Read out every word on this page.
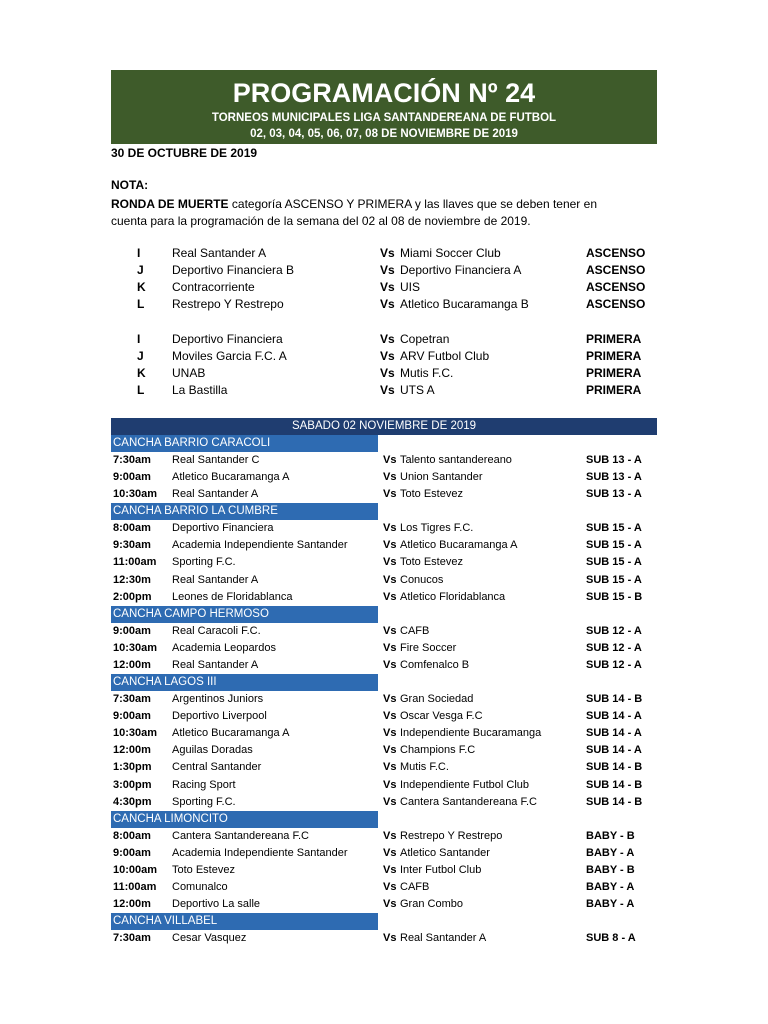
PROGRAMACIÓN Nº 24
TORNEOS MUNICIPALES LIGA SANTANDEREANA DE FUTBOL
02, 03, 04, 05, 06, 07, 08 DE NOVIEMBRE DE 2019
30 DE OCTUBRE DE 2019
NOTA:
RONDA DE MUERTE categoría ASCENSO Y PRIMERA y las llaves que se deben tener en cuenta para la programación de la semana del 02 al 08 de noviembre de 2019.
I	Real Santander A	Vs Miami Soccer Club	ASCENSO
J Deportivo Financiera B	Vs Deportivo Financiera A	ASCENSO
K Contracorriente	Vs UIS	ASCENSO
L Restrepo Y Restrepo	Vs Atletico Bucaramanga B	ASCENSO
I	Deportivo Financiera	Vs Copetran	PRIMERA
J Moviles Garcia F.C. A	Vs ARV Futbol Club	PRIMERA
K UNAB	Vs Mutis F.C.	PRIMERA
L La Bastilla	Vs UTS A	PRIMERA
SABADO 02 NOVIEMBRE DE 2019
CANCHA BARRIO CARACOLI
7:30am Real Santander C	Vs Talento santandereano	SUB 13 - A
9:00am Atletico Bucaramanga A	Vs Union Santander	SUB 13 - A
10:30am Real Santander A	Vs Toto Estevez	SUB 13 - A
CANCHA BARRIO LA CUMBRE
8:00am Deportivo Financiera	Vs Los Tigres F.C.	SUB 15 - A
9:30am Academia Independiente Santander	Vs Atletico Bucaramanga A	SUB 15 - A
11:00am Sporting F.C.	Vs Toto Estevez	SUB 15 - A
12:30m Real Santander A	Vs Conucos	SUB 15 - A
2:00pm Leones de Floridablanca	Vs Atletico Floridablanca	SUB 15 - B
CANCHA CAMPO HERMOSO
9:00am Real Caracoli F.C.	Vs CAFB	SUB 12 - A
10:30am Academia Leopardos	Vs Fire Soccer	SUB 12 - A
12:00m Real Santander A	Vs Comfenalco B	SUB 12 - A
CANCHA LAGOS III
7:30am Argentinos Juniors	Vs Gran Sociedad	SUB 14 - B
9:00am Deportivo Liverpool	Vs Oscar Vesga F.C	SUB 14 - A
10:30am Atletico Bucaramanga A	Vs Independiente Bucaramanga	SUB 14 - A
12:00m Aguilas Doradas	Vs Champions F.C	SUB 14 - A
1:30pm Central Santander	Vs Mutis F.C.	SUB 14 - B
3:00pm Racing Sport	Vs Independiente Futbol Club	SUB 14 - B
4:30pm Sporting F.C.	Vs Cantera Santandereana F.C	SUB 14 - B
CANCHA LIMONCITO
8:00am Cantera Santandereana F.C	Vs Restrepo Y Restrepo	BABY - B
9:00am Academia Independiente Santander	Vs Atletico Santander	BABY - A
10:00am Toto Estevez	Vs Inter Futbol Club	BABY - B
11:00am Comunalco	Vs CAFB	BABY - A
12:00m Deportivo La salle	Vs Gran Combo	BABY - A
CANCHA VILLABEL
7:30am Cesar Vasquez	Vs Real Santander A	SUB 8 - A
